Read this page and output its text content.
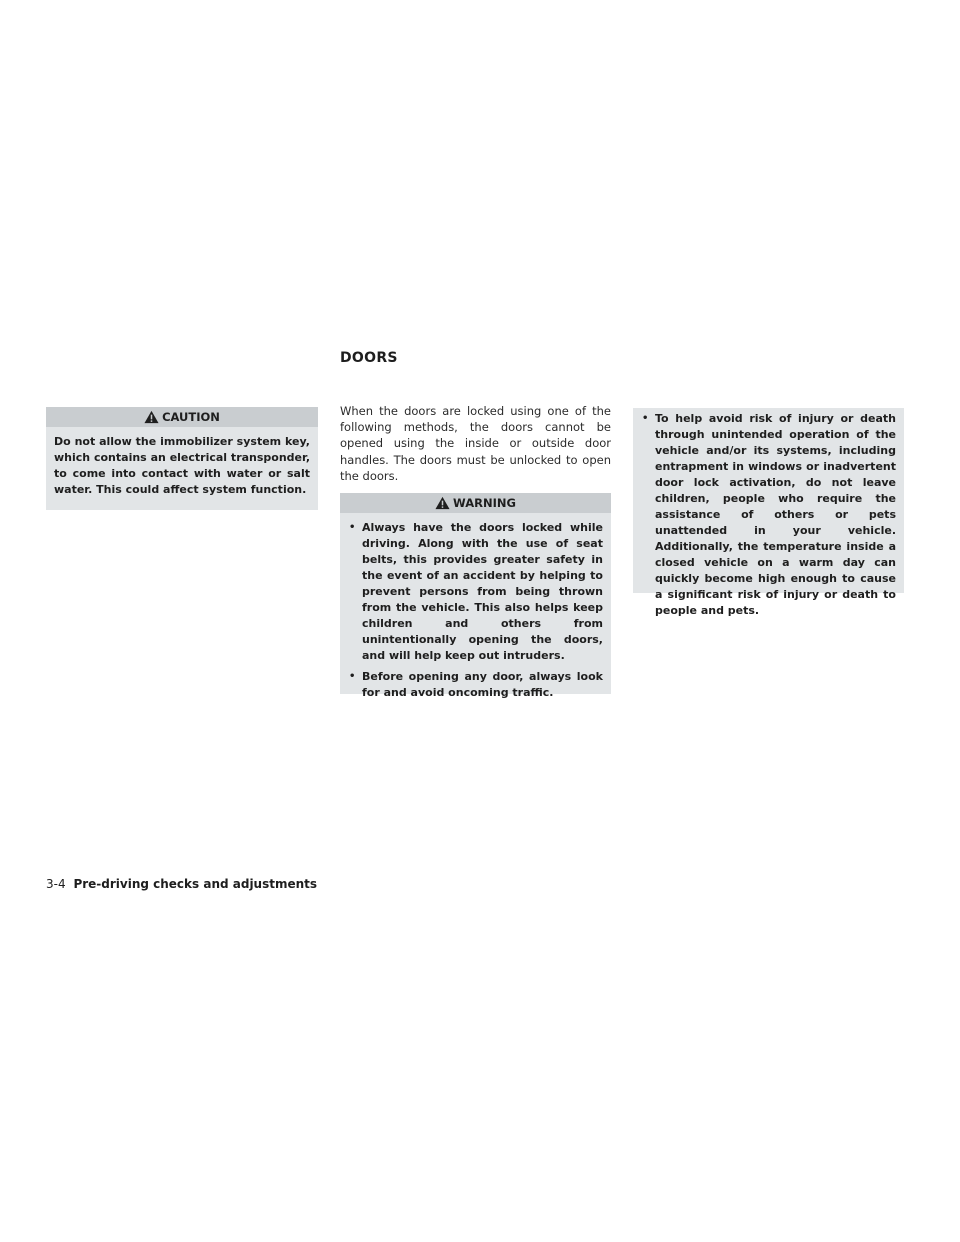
DOORS
CAUTION
Do not allow the immobilizer system key, which contains an electrical transponder, to come into contact with water or salt water. This could affect system function.
When the doors are locked using one of the following methods, the doors cannot be opened using the inside or outside door handles. The doors must be unlocked to open the doors.
WARNING
• Always have the doors locked while driving. Along with the use of seat belts, this provides greater safety in the event of an accident by helping to prevent persons from being thrown from the vehicle. This also helps keep children and others from unintentionally opening the doors, and will help keep out intruders.
• Before opening any door, always look for and avoid oncoming traffic.
• To help avoid risk of injury or death through unintended operation of the vehicle and/or its systems, including entrapment in windows or inadvertent door lock activation, do not leave children, people who require the assistance of others or pets unattended in your vehicle. Additionally, the temperature inside a closed vehicle on a warm day can quickly become high enough to cause a significant risk of injury or death to people and pets.
3-4 Pre-driving checks and adjustments
